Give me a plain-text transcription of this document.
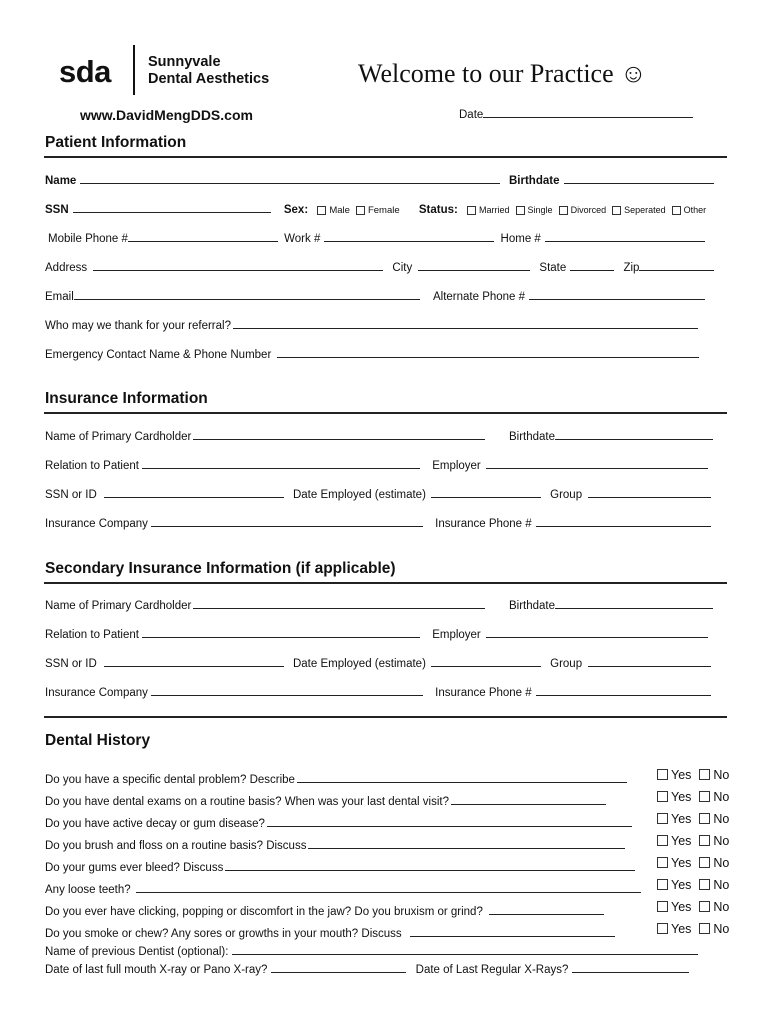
sda	Sunnyvale
Dental Aesthetics	Welcome to our Practice ☺
www.DavidMengDDS.com	Date
Patient Information
Name	Birthdate
SSN	Sex: Male Female Status: Married Single Divorced Seperated Other
Mobile Phone #	Work #	Home #
Address	City	State	Zip
Email	Alternate Phone #
Who may we thank for your referral?
Emergency Contact Name & Phone Number
Insurance Information
Name of Primary Cardholder	Birthdate
Relation to Patient	Employer
SSN or ID	Date Employed (estimate)	Group
Insurance Company	Insurance Phone #
Secondary Insurance Information (if applicable)
Name of Primary Cardholder	Birthdate
Relation to Patient	Employer
SSN or ID	Date Employed (estimate)	Group
Insurance Company	Insurance Phone #
Dental History
Do you have a specific dental problem? Describe	Yes No
Do you have dental exams on a routine basis? When was your last dental visit?	Yes No
Do you have active decay or gum disease?	Yes No
Do you brush and floss on a routine basis? Discuss	Yes No
Do your gums ever bleed? Discuss	Yes No
Any loose teeth?	Yes No
Do you ever have clicking, popping or discomfort in the jaw? Do you bruxism or grind?	Yes No
Do you smoke or chew? Any sores or growths in your mouth? Discuss	Yes No
Name of previous Dentist (optional):
Date of last full mouth X-ray or Pano X-ray?	Date of Last Regular X-Rays?
